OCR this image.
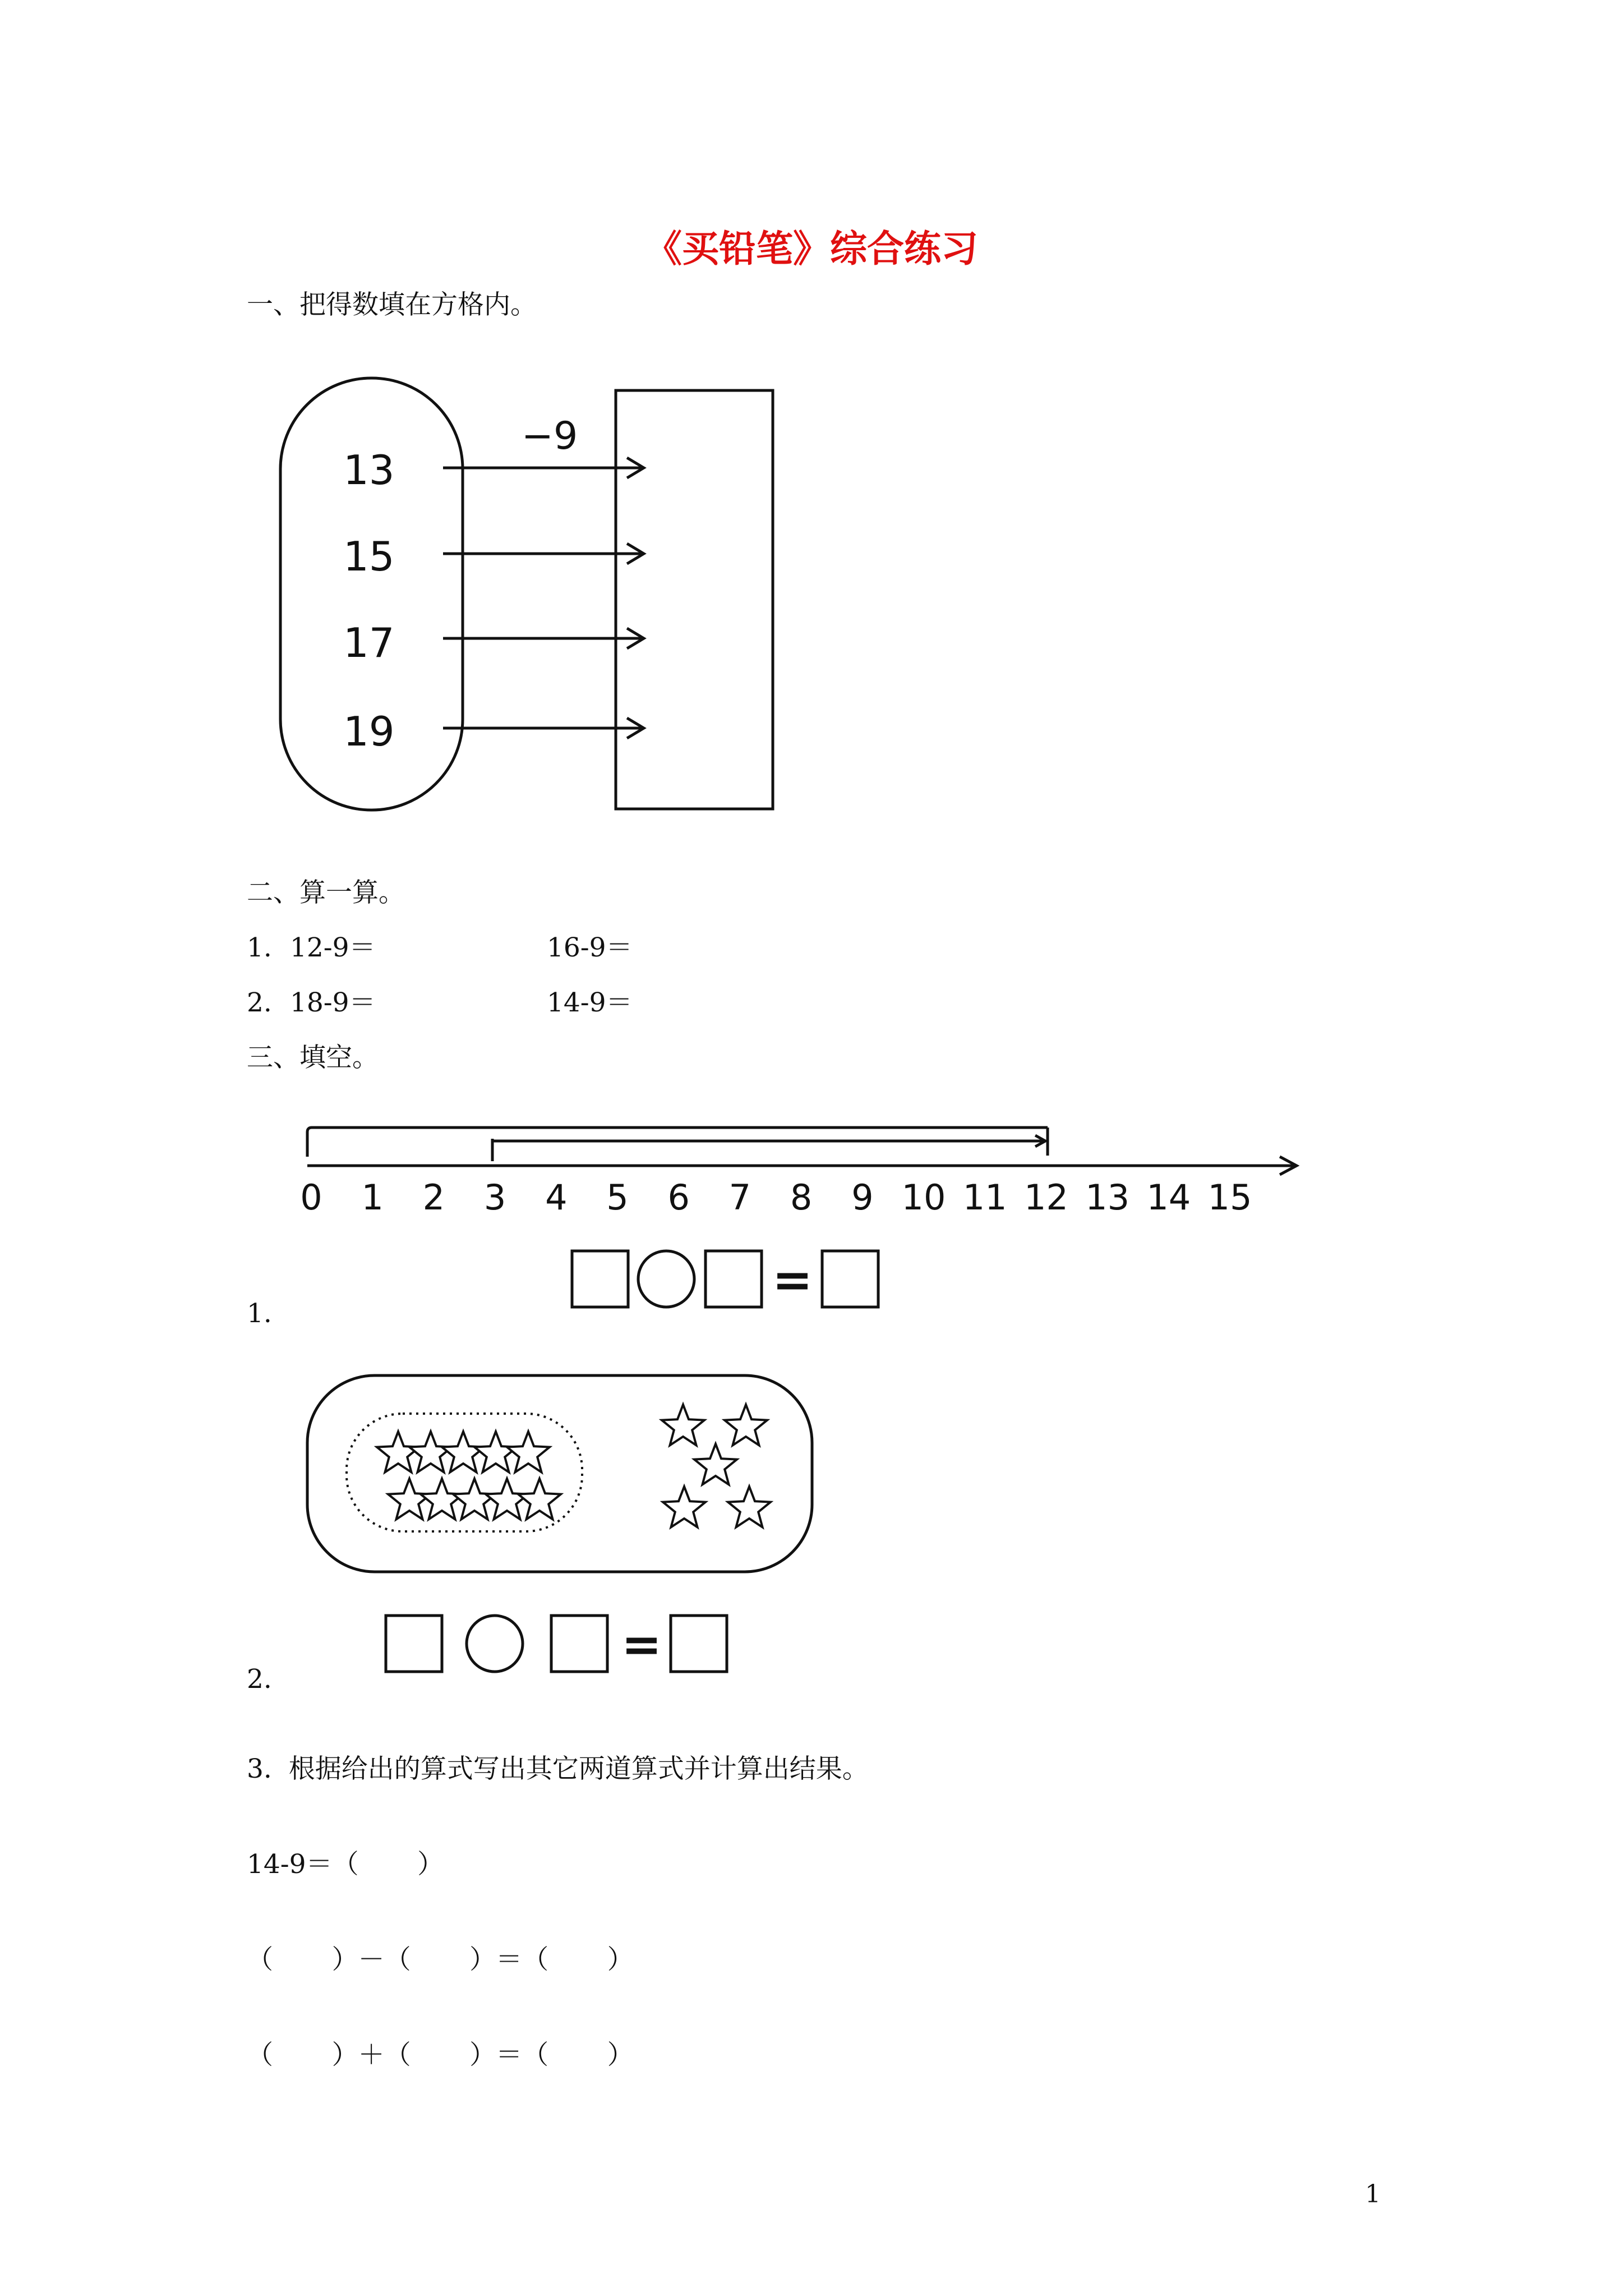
《买铅笔》综合练习
一、把得数填在方格内。
−9
13
15
17
19
二、算一算。
1. 12-9＝	16-9＝
2. 18-9＝	14-9＝
三、填空。
0	1	2	3	4	5	6	7	8	9 10 11 12 13 14 15
1.
=
2.
=
3.  根据给出的算式写出其它两道算式并计算出结果。
14-9＝（       ）
（       ）－（       ）＝（       ）
（       ）＋（       ）＝（       ）
1
